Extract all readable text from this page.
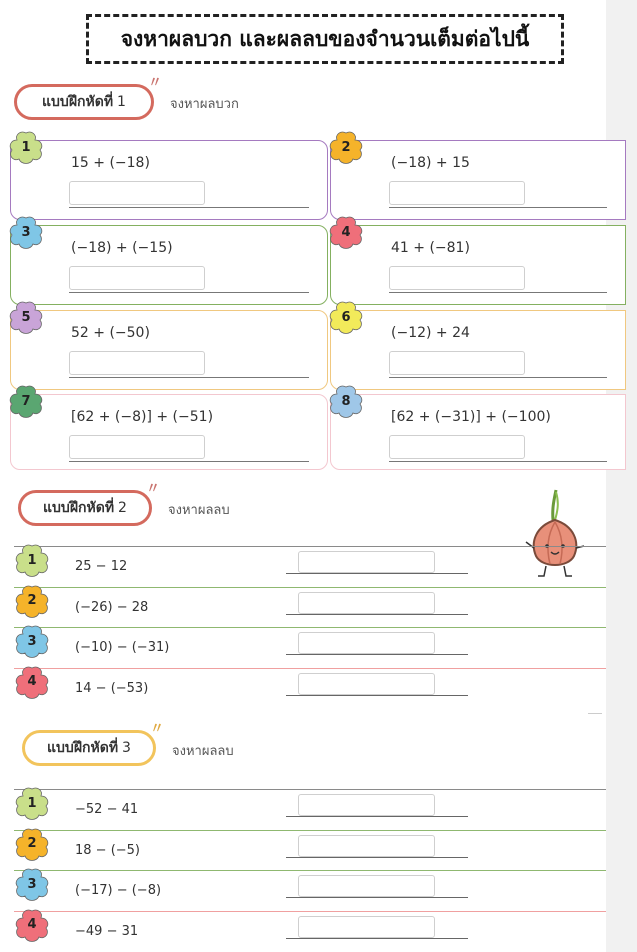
จงหาผลบวก และผลลบของจำนวนเต็มต่อไปนี้
แบบฝึกหัดที่ 1
〃
จงหาผลบวก
15 + (−18)
1
(−18) + 15
2
(−18) + (−15)
3
41 + (−81)
4
52 + (−50)
5
(−12) + 24
6
[62 + (−8)] + (−51)
7
[62 + (−31)] + (−100)
8
แบบฝึกหัดที่ 2
〃
จงหาผลลบ
25 − 12
1
(−26) − 28
2
(−10) − (−31)
3
14 − (−53)
4
แบบฝึกหัดที่ 3
〃
จงหาผลลบ
−52 − 41
1
18 − (−5)
2
(−17) − (−8)
3
−49 − 31
4
